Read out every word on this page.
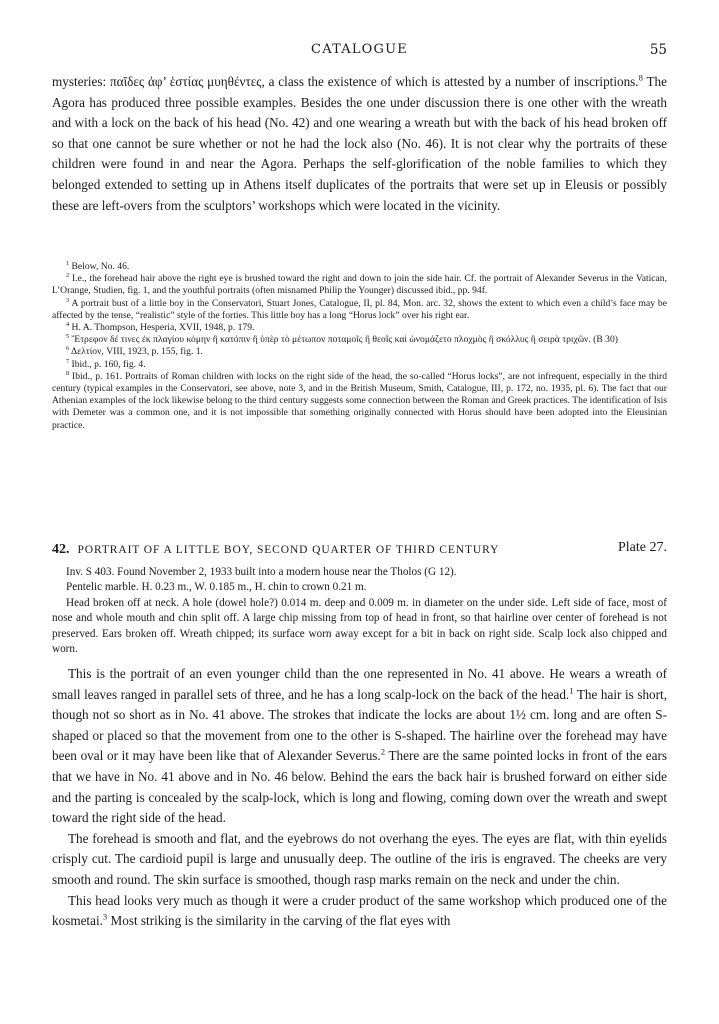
CATALOGUE	55

mysteries: παῖδες ἀφ’ ἑστίας μυηθέντες, a class the existence of which is attested by a number of inscriptions.$^8$ The Agora has produced three possible examples. Besides the one under discussion there is one other with the wreath and with a lock on the back of his head (No. 42) and one wearing a wreath but with the back of his head broken off so that one cannot be sure whether or not he had the lock also (No. 46). It is not clear why the portraits of these children were found in and near the Agora. Perhaps the self-glorification of the noble families to which they belonged extended to setting up in Athens itself duplicates of the portraits that were set up in Eleusis or possibly these are left-overs from the sculptors’ workshops which were located in the vicinity.

$^1$ Below, No. 46.

$^2$ I.e., the forehead hair above the right eye is brushed toward the right and down to join the side hair. Cf. the portrait of Alexander Severus in the Vatican, L’Orange, Studien, fig. 1, and the youthful portraits (often misnamed Philip the Younger) discussed ibid., pp. 94f.

$^3$ A portrait bust of a little boy in the Conservatori, Stuart Jones, Catalogue, II, pl. 84, Mon. arc. 32, shows the extent to which even a child’s face may be affected by the tense, “realistic” style of the forties. This little boy has a long “Horus lock” over his right ear.

$^4$ H. A. Thompson, Hesperia, XVII, 1948, p. 179.

$^5$ Ἔτρεφον δέ τινες ἐκ πλαγίου κόμην ἢ κατόπιν ἢ ὑπὲρ τὸ μέτωπον ποταμοῖς ἢ θεοῖς καὶ ὠνομάζετο πλοχμὸς ἢ σκόλλυς ἢ σειρὰ τριχῶν. (B 30)

$^6$ Δελτίον, VIII, 1923, p. 155, fig. 1.

$^7$ Ibid., p. 160, fig. 4.

$^8$ Ibid., p. 161. Portraits of Roman children with locks on the right side of the head, the so-called “Horus locks”, are not infrequent, especially in the third century (typical examples in the Conservatori, see above, note 3, and in the British Museum, Smith, Catalogue, III, p. 172, no. 1935, pl. 6). The fact that our Athenian examples of the lock likewise belong to the third century suggests some connection between the Roman and Greek practices. The identification of Isis with Demeter was a common one, and it is not impossible that something originally connected with Horus should have been adopted into the Eleusinian practice.

42. PORTRAIT OF A LITTLE BOY, SECOND QUARTER OF THIRD CENTURY	Plate 27.

Inv. S 403. Found November 2, 1933 built into a modern house near the Tholos (G 12).

Pentelic marble. H. 0.23 m., W. 0.185 m., H. chin to crown 0.21 m.

Head broken off at neck. A hole (dowel hole?) 0.014 m. deep and 0.009 m. in diameter on the under side. Left side of face, most of nose and whole mouth and chin split off. A large chip missing from top of head in front, so that hairline over center of forehead is not preserved. Ears broken off. Wreath chipped; its surface worn away except for a bit in back on right side. Scalp lock also chipped and worn.

This is the portrait of an even younger child than the one represented in No. 41 above. He wears a wreath of small leaves ranged in parallel sets of three, and he has a long scalp-lock on the back of the head.$^1$ The hair is short, though not so short as in No. 41 above. The strokes that indicate the locks are about 1½ cm. long and are often S-shaped or placed so that the movement from one to the other is S-shaped. The hairline over the forehead may have been oval or it may have been like that of Alexander Severus.$^2$ There are the same pointed locks in front of the ears that we have in No. 41 above and in No. 46 below. Behind the ears the back hair is brushed forward on either side and the parting is concealed by the scalp-lock, which is long and flowing, coming down over the wreath and swept toward the right side of the head.

The forehead is smooth and flat, and the eyebrows do not overhang the eyes. The eyes are flat, with thin eyelids crisply cut. The cardioid pupil is large and unusually deep. The outline of the iris is engraved. The cheeks are very smooth and round. The skin surface is smoothed, though rasp marks remain on the neck and under the chin.

This head looks very much as though it were a cruder product of the same workshop which produced one of the kosmetai.$^3$ Most striking is the similarity in the carving of the flat eyes with
